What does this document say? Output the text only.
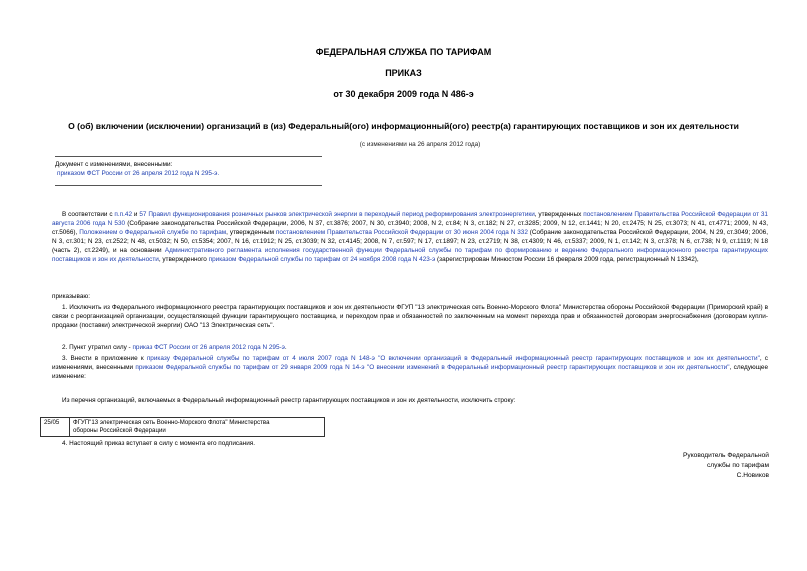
ФЕДЕРАЛЬНАЯ СЛУЖБА ПО ТАРИФАМ
ПРИКАЗ
от 30 декабря 2009 года N 486-э
О (об) включении (исключении) организаций в (из) Федеральный(ого) информационный(ого) реестр(а) гарантирующих поставщиков и зон их деятельности
(с изменениями на 26 апреля 2012 года)
Документ с изменениями, внесенными:
приказом ФСТ России от 26 апреля 2012 года N 295-э.

В соответствии с п.п.42 и 57 Правил функционирования розничных рынков электрической энергии в переходный период реформирования электроэнергетики, утвержденных постановлением Правительства Российской Федерации от 31 августа 2006 года N 530 (Собрание законодательства Российской Федерации, 2006, N 37, ст.3876; 2007, N 30, ст.3940; 2008, N 2, ст.84; N 3, ст.182; N 27, ст.3285; 2009, N 12, ст.1441; N 20, ст.2475; N 25, ст.3073; N 41, ст.4771; 2009, N 43, ст.5066), Положением о Федеральной службе по тарифам, утвержденным постановлением Правительства Российской Федерации от 30 июня 2004 года N 332 (Собрание законодательства Российской Федерации, 2004, N 29, ст.3049; 2006, N 3, ст.301; N 23, ст.2522; N 48, ст.5032; N 50, ст.5354; 2007, N 16, ст.1912; N 25, ст.3039; N 32, ст.4145; 2008, N 7, ст.597; N 17, ст.1897; N 23, ст.2719; N 38, ст.4309; N 46, ст.5337; 2009, N 1, ст.142; N 3, ст.378; N 6, ст.738; N 9, ст.1119; N 18 (часть 2), ст.2249), и на основании Административного регламента исполнения государственной функции Федеральной службы по тарифам по формированию и ведению Федерального информационного реестра гарантирующих поставщиков и зон их деятельности, утвержденного приказом Федеральной службы по тарифам от 24 ноября 2008 года N 423-э (зарегистрирован Минюстом России 16 февраля 2009 года, регистрационный N 13342),

приказываю:

1. Исключить из Федерального информационного реестра гарантирующих поставщиков и зон их деятельности ФГУП "13 электрическая сеть Военно-Морского Флота" Министерства обороны Российской Федерации (Приморский край) в связи с реорганизацией организации, осуществляющей функции гарантирующего поставщика, и переходом прав и обязанностей по заключенным на момент перехода прав и обязанностей договорам энергоснабжения (договорам купли-продажи (поставки) электрической энергии) ОАО "13 Электрическая сеть".

2. Пункт утратил силу - приказ ФСТ России от 26 апреля 2012 года N 295-э.

3. Внести в приложение к приказу Федеральной службы по тарифам от 4 июля 2007 года N 148-э "О включении организаций в Федеральный информационный реестр гарантирующих поставщиков и зон их деятельности", с изменениями, внесенными приказом Федеральной службы по тарифам от 29 января 2009 года N 14-э "О внесении изменений в Федеральный информационный реестр гарантирующих поставщиков и зон их деятельности", следующее изменение:

Из перечня организаций, включаемых в Федеральный информационный реестр гарантирующих поставщиков и зон их деятельности, исключить строку:

25/05	ФГУП"13 электрическая сеть Военно-Морского Флота" Министерства
обороны Российской Федерации

4. Настоящий приказ вступает в силу с момента его подписания.

Руководитель Федеральной
службы по тарифам
С.Новиков
